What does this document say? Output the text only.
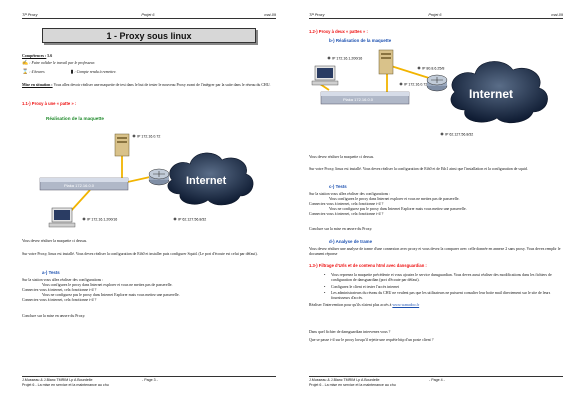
TP Proxy	Projet 6	mai-09
1 - Proxy sous linux
Compétences : 5.6
✍ : Faire valider le travail par le professeur.
⌛ : 4 heures	▮ : Compte rendu à remettre.
Mise en situation : Vous allez devoir réaliser une maquette de test dans le but de tester le nouveau Proxy avant de l'intégrer par la suite dans le réseau du CHU.
1.1-) Proxy à une « patte » :
Réalisation de la maquette
Plaka 172.16.0.0
IP 172.16.0.72
IP 172.16.1.200/16	IP 62.127.56.8/32
Internet
Vous devez réaliser la maquette ci dessus.
Sur votre Proxy, linux est installé. Vous devez réaliser la configuration de Eth0 et installer puis configurer Squid. (Le port d'écoute est celui par défaut).
a-) Tests
Sur la station vous allez réaliser des configurations :
Vous configurez le proxy dans Internet explorer et vous ne mettez pas de passerelle.
Connectez vous à internet, cela fonctionne t-il ?
Vous ne configurez pas le proxy dans Internet Explorer mais vous mettez une passerelle.
Connectez vous à internet, cela fonctionne t-il ?
Conclure sur la mise en œuvre du Proxy.
J.Musseau & J.Blanc TMRIM Lp A Bourdelle
Projet 6 - La mise en service et la maintenance au chu
- Page 3 -
TP Proxy	Projet 6	mai-09
1.2-) Proxy à deux « pattes » :
b-) Réalisation de la maquette
Plaka 172.16.0.0
IP 172.16.0.72
IP 80.8.6.25/8
IP 172.16.1.200/16
IP 62.127.56.8/32
Internet
Vous devez réaliser la maquette ci dessus.
Sur votre Proxy, linux est installé. Vous devez réaliser la configuration de Eth0 et de Eth1 ainsi que l'installation et la configuration de squid.
c-) Tests
Sur la station vous allez réaliser des configurations :
Vous configurez le proxy dans Internet explorer et vous ne mettez pas de passerelle.
Connectez vous à internet, cela fonctionne t-il ?
Vous ne configurez pas le proxy dans Internet Explorer mais vous mettez une passerelle.
Connectez vous à internet, cela fonctionne t-il ?
Conclure sur la mise en œuvre du Proxy.
d-) Analyse de trame
Vous devez réaliser une analyse de trame d'une connexion avec proxy et vous devez la comparer avec celle donnée en annexe 2 sans proxy. Vous devez remplir le document réponse
1.3-) Filtrage d'Urls et de contenu html avec dansguardian :
• Vous reprenez la maquette précédente et vous ajoutez le service dansguardian. Vous devez aussi réaliser des modifications dans les fichiers de configuration de dansguardian (port d'écoute par défaut).
• Configurez le client et tester l'accès internet
• Les administrateurs du réseau du CHU ne veulent pas que les utilisateurs ne puissent consulter leur boite mail directement sur le site de leurs fournisseurs d'accès.
Réaliser l'intervention pour qu'ils n'aient plus accès à www.wanadoo.fr
Dans quel fichier de dansguardian intervenez vous ?
Que se passe t-il sur le proxy lorsqu'il rejette une requête http d'un poste client ?
J.Musseau & J.Blanc TMRIM Lp A Bourdelle
Projet 6 - La mise en service et la maintenance au chu
- Page 4 -
